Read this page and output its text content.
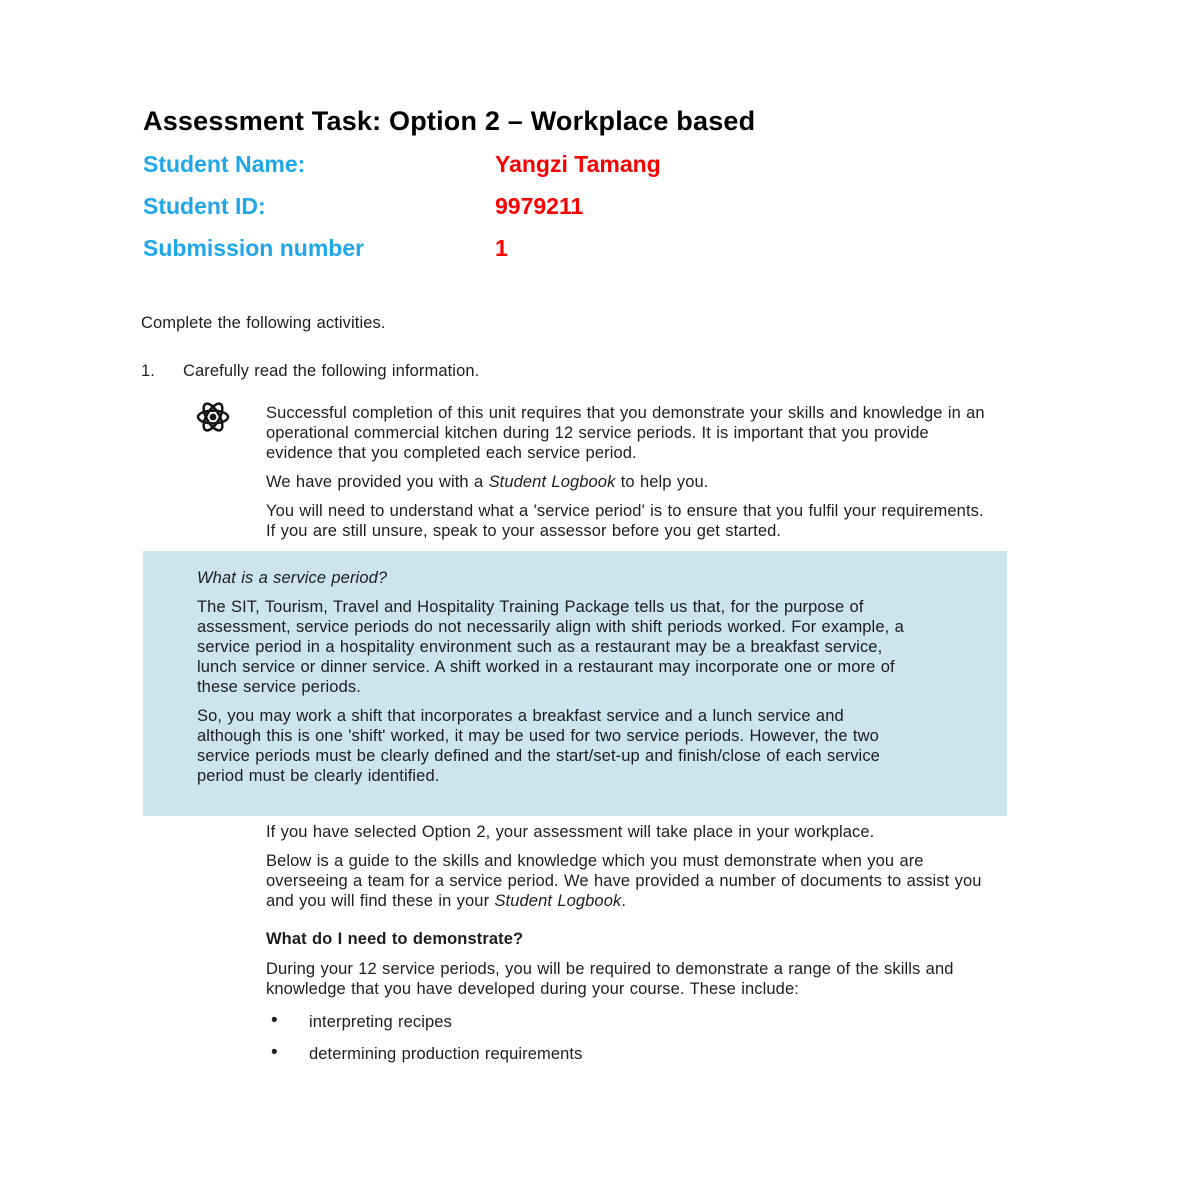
Assessment Task: Option 2 – Workplace based
Student Name:	Yangzi Tamang
Student ID:	9979211
Submission number	1

Complete the following activities.

1. Carefully read the following information.

Successful completion of this unit requires that you demonstrate your skills and knowledge in an operational commercial kitchen during 12 service periods. It is important that you provide evidence that you completed each service period.

We have provided you with a Student Logbook to help you.

You will need to understand what a 'service period' is to ensure that you fulfil your requirements. If you are still unsure, speak to your assessor before you get started.

What is a service period?

The SIT, Tourism, Travel and Hospitality Training Package tells us that, for the purpose of assessment, service periods do not necessarily align with shift periods worked. For example, a service period in a hospitality environment such as a restaurant may be a breakfast service, lunch service or dinner service. A shift worked in a restaurant may incorporate one or more of these service periods.

So, you may work a shift that incorporates a breakfast service and a lunch service and although this is one 'shift' worked, it may be used for two service periods. However, the two service periods must be clearly defined and the start/set-up and finish/close of each service period must be clearly identified.

If you have selected Option 2, your assessment will take place in your workplace.

Below is a guide to the skills and knowledge which you must demonstrate when you are overseeing a team for a service period. We have provided a number of documents to assist you and you will find these in your Student Logbook.

What do I need to demonstrate?

During your 12 service periods, you will be required to demonstrate a range of the skills and knowledge that you have developed during your course. These include:

• interpreting recipes
• determining production requirements
